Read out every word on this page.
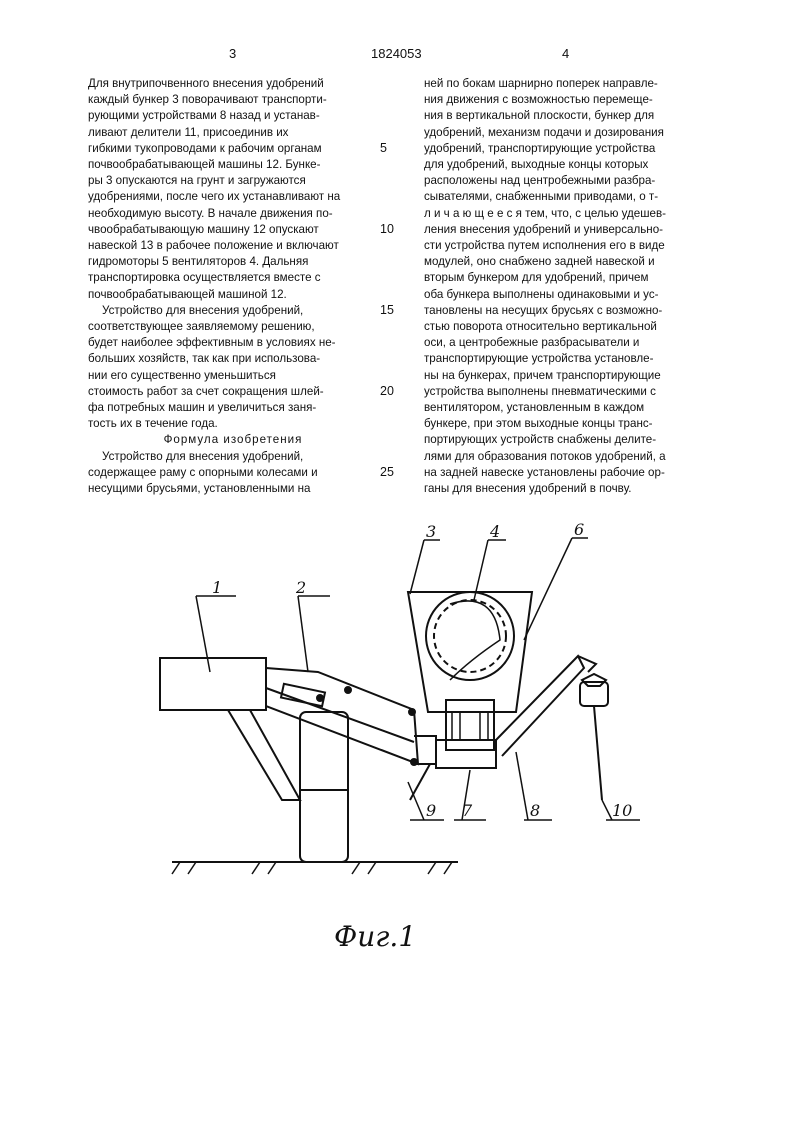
3	1824053	4

Для внутрипочвенного внесения удобрений
каждый бункер 3 поворачивают транспорти-
рующими устройствами 8 назад и устанав-
ливают делители 11, присоединив их
гибкими тукопроводами к рабочим органам
почвообрабатывающей машины 12. Бунке-
ры 3 опускаются на грунт и загружаются
удобрениями, после чего их устанавливают на
необходимую высоту. В начале движения по-
чвообрабатывающую машину 12 опускают
навеской 13 в рабочее положение и включают
гидромоторы 5 вентиляторов 4. Дальняя
транспортировка осуществляется вместе с
почвообрабатывающей машиной 12.

Устройство для внесения удобрений,
соответствующее заявляемому решению,
будет наиболее эффективным в условиях не-
больших хозяйств, так как при использова-
нии его существенно уменьшиться
стоимость работ за счет сокращения шлей-
фа потребных машин и увеличиться заня-
тость их в течение года.

Формула изобретения

Устройство для внесения удобрений,
содержащее раму с опорными колесами и
несущими брусьями, установленными на

ней по бокам шарнирно поперек направле-
ния движения с возможностью перемеще-
ния в вертикальной плоскости, бункер для
удобрений, механизм подачи и дозирования
удобрений, транспортирующие устройства
для удобрений, выходные концы которых
расположены над центробежными разбра-
сывателями, снабженными приводами, о т-
л и ч а ю щ е е с я тем, что, с целью удешев-
ления внесения удобрений и универсально-
сти устройства путем исполнения его в виде
модулей, оно снабжено задней навеской и
вторым бункером для удобрений, причем
оба бункера выполнены одинаковыми и ус-
тановлены на несущих брусьях с возможно-
стью поворота относительно вертикальной
оси, а центробежные разбрасыватели и
транспортирующие устройства установле-
ны на бункерах, причем транспортирующие
устройства выполнены пневматическими с
вентилятором, установленным в каждом
бункере, при этом выходные концы транс-
портирующих устройств снабжены делите-
лями для образования потоков удобрений, а
на задней навеске установлены рабочие ор-
ганы для внесения удобрений в почву.
5
10
15
20
25
1	2
3	4	6
9 7	8	10
Фиг.1
